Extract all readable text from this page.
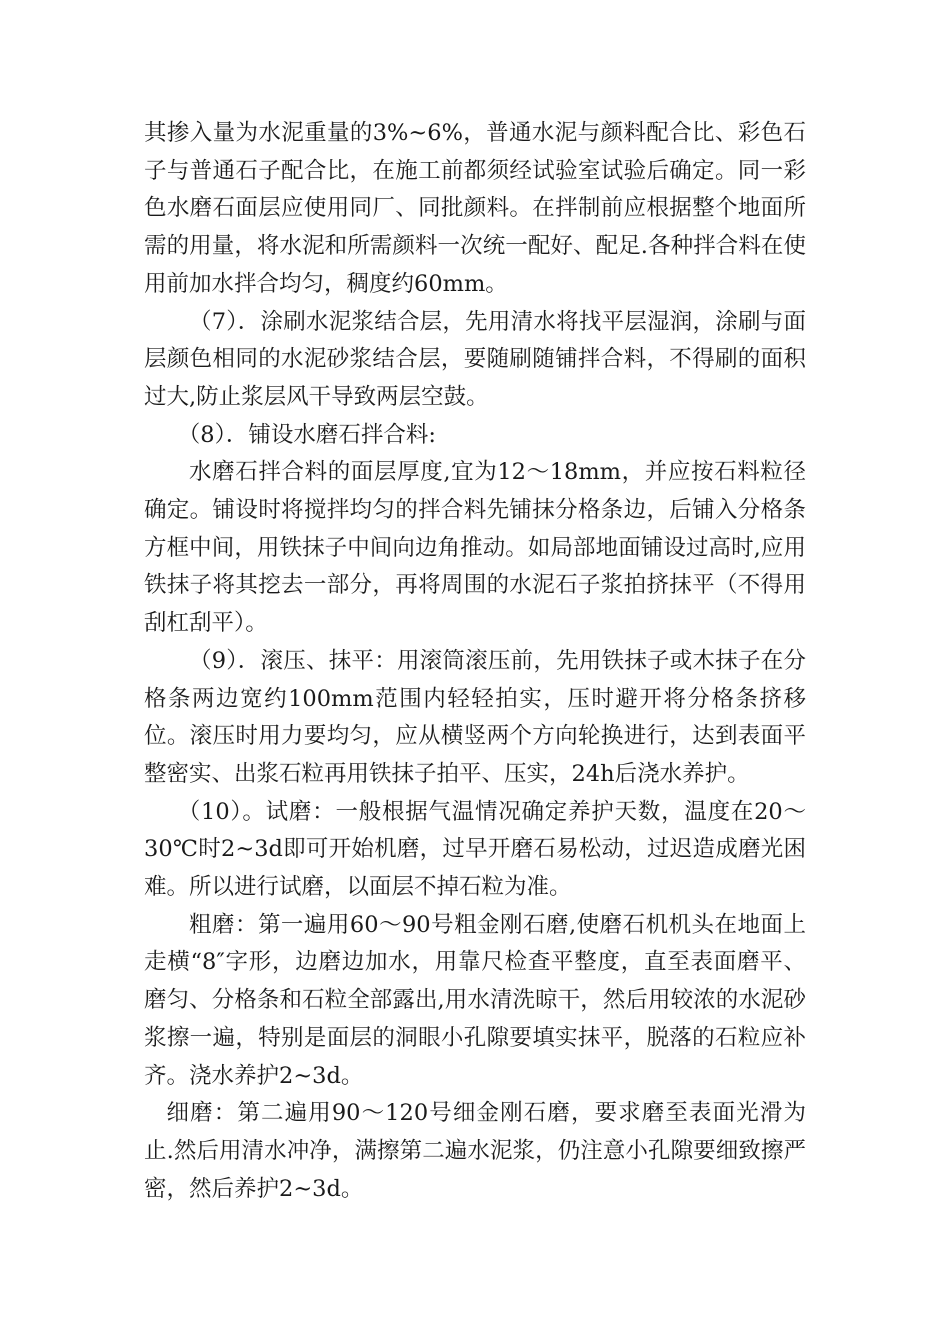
其掺入量为水泥重量的3%~6%，普通水泥与颜料配合比、彩色石子与普通石子配合比，在施工前都须经试验室试验后确定。同一彩色水磨石面层应使用同厂、同批颜料。在拌制前应根据整个地面所需的用量，将水泥和所需颜料一次统一配好、配足.各种拌合料在使用前加水拌合均匀，稠度约60mm。

（7）．涂刷水泥浆结合层，先用清水将找平层湿润，涂刷与面层颜色相同的水泥砂浆结合层，要随刷随铺拌合料，不得刷的面积过大,防止浆层风干导致两层空鼓。

（8）．铺设水磨石拌合料:

水磨石拌合料的面层厚度,宜为12～18mm，并应按石料粒径确定。铺设时将搅拌均匀的拌合料先铺抹分格条边，后铺入分格条方框中间，用铁抹子中间向边角推动。如局部地面铺设过高时,应用铁抹子将其挖去一部分，再将周围的水泥石子浆拍挤抹平（不得用刮杠刮平）。

（9）．滚压、抹平：用滚筒滚压前，先用铁抹子或木抹子在分格条两边宽约100mm范围内轻轻拍实，压时避开将分格条挤移位。滚压时用力要均匀，应从横竖两个方向轮换进行，达到表面平整密实、出浆石粒再用铁抹子拍平、压实，24h后浇水养护。

（10）。试磨：一般根据气温情况确定养护天数，温度在20～30℃时2~3d即可开始机磨，过早开磨石易松动，过迟造成磨光困难。所以进行试磨，以面层不掉石粒为准。

粗磨：第一遍用60～90号粗金刚石磨,使磨石机机头在地面上走横“8″字形，边磨边加水，用靠尺检查平整度，直至表面磨平、磨匀、分格条和石粒全部露出,用水清洗晾干，然后用较浓的水泥砂浆擦一遍，特别是面层的洞眼小孔隙要填实抹平，脱落的石粒应补齐。浇水养护2~3d。

细磨：第二遍用90～120号细金刚石磨，要求磨至表面光滑为止.然后用清水冲净，满擦第二遍水泥浆，仍注意小孔隙要细致擦严密，然后养护2~3d。
